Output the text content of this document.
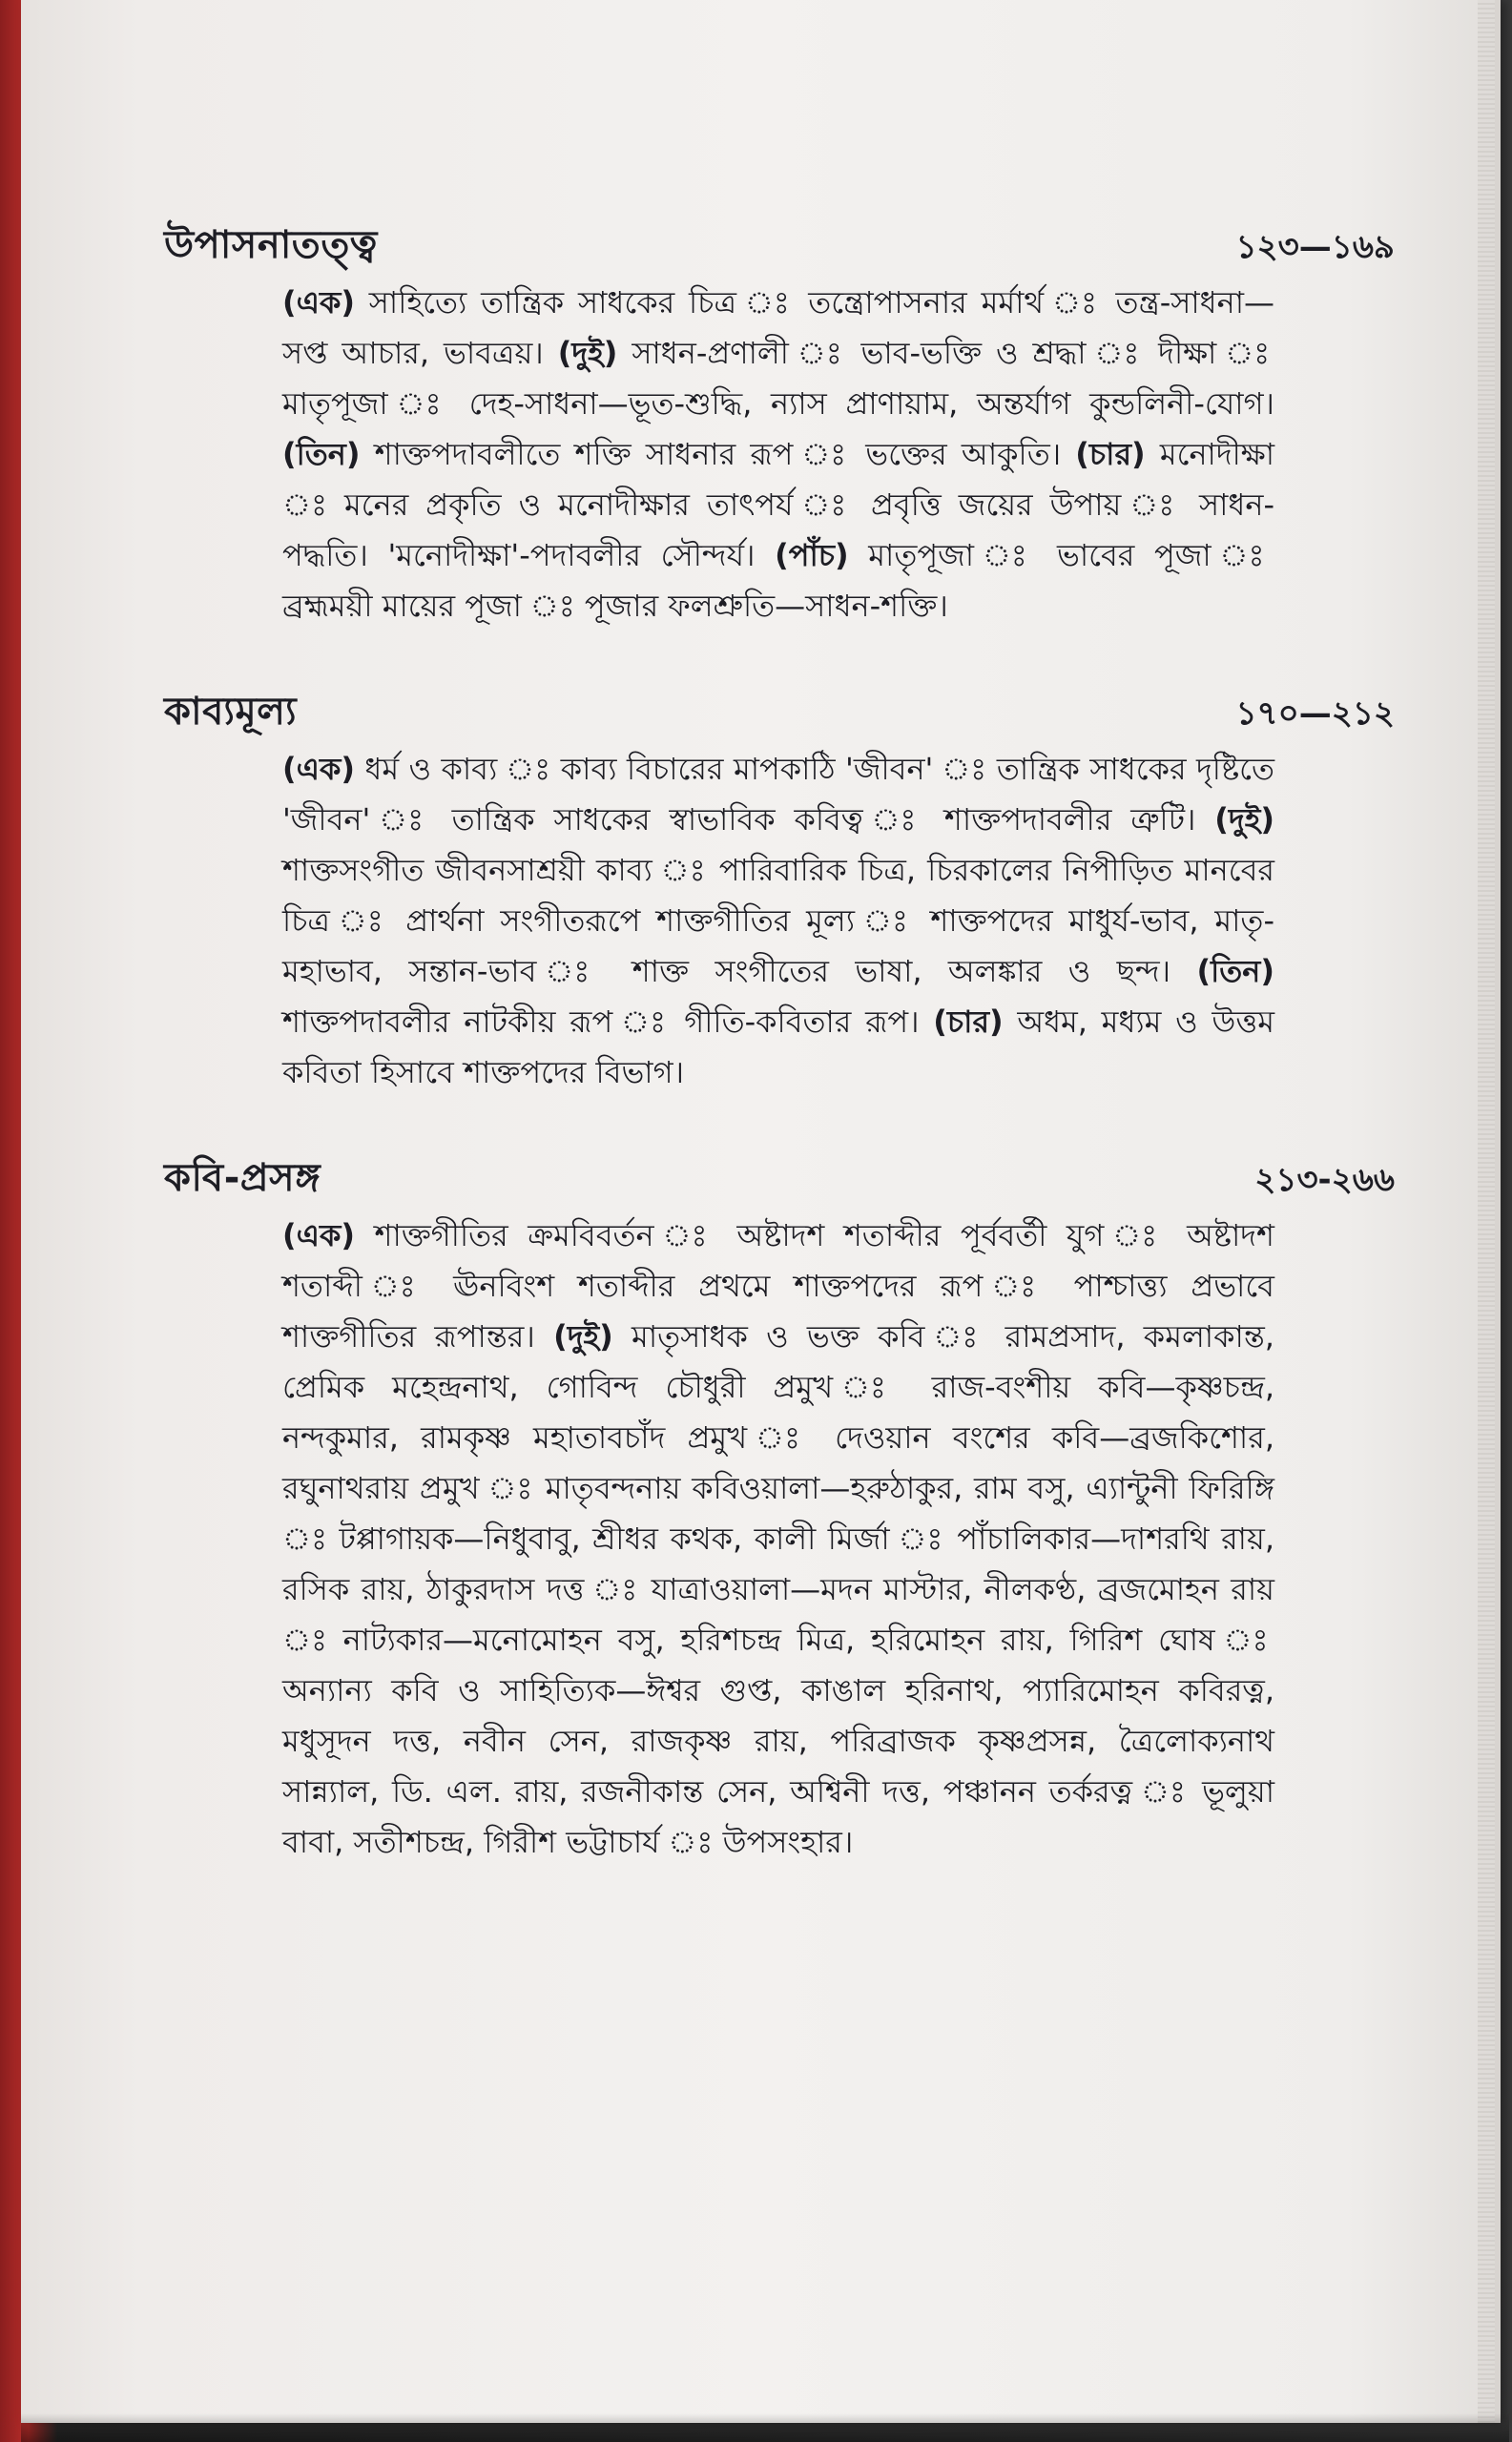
উপাসনাতত্ত্ব	১২৩—১৬৯
(এক) সাহিত্যে তান্ত্রিক সাধকের চিত্র ঃ তন্ত্রোপাসনার মর্মার্থ ঃ তন্ত্র-সাধনা—সপ্ত আচার, ভাবত্রয়। (দুই) সাধন-প্রণালী ঃ ভাব-ভক্তি ও শ্রদ্ধা ঃ দীক্ষা ঃ মাতৃপূজা ঃ দেহ-সাধনা—ভূত-শুদ্ধি, ন্যাস প্রাণায়াম, অন্তর্যাগ কুন্ডলিনী-যোগ। (তিন) শাক্তপদাবলীতে শক্তি সাধনার রূপ ঃ ভক্তের আকুতি। (চার) মনোদীক্ষা ঃ মনের প্রকৃতি ও মনোদীক্ষার তাৎপর্য ঃ প্রবৃত্তি জয়ের উপায় ঃ সাধন-পদ্ধতি। 'মনোদীক্ষা'-পদাবলীর সৌন্দর্য। (পাঁচ) মাতৃপূজা ঃ ভাবের পূজা ঃ ব্রহ্মময়ী মায়ের পূজা ঃ পূজার ফলশ্রুতি—সাধন-শক্তি।
কাব্যমূল্য	১৭০—২১২
(এক) ধর্ম ও কাব্য ঃ কাব্য বিচারের মাপকাঠি 'জীবন' ঃ তান্ত্রিক সাধকের দৃষ্টিতে 'জীবন' ঃ তান্ত্রিক সাধকের স্বাভাবিক কবিত্ব ঃ শাক্তপদাবলীর ত্রুটি। (দুই) শাক্তসংগীত জীবনসাশ্রয়ী কাব্য ঃ পারিবারিক চিত্র, চিরকালের নিপীড়িত মানবের চিত্র ঃ প্রার্থনা সংগীতরূপে শাক্তগীতির মূল্য ঃ শাক্তপদের মাধুর্য-ভাব, মাতৃ-মহাভাব, সন্তান-ভাব ঃ শাক্ত সংগীতের ভাষা, অলঙ্কার ও ছন্দ। (তিন) শাক্তপদাবলীর নাটকীয় রূপ ঃ গীতি-কবিতার রূপ। (চার) অধম, মধ্যম ও উত্তম কবিতা হিসাবে শাক্তপদের বিভাগ।
কবি-প্রসঙ্গ	২১৩-২৬৬
(এক) শাক্তগীতির ক্রমবিবর্তন ঃ অষ্টাদশ শতাব্দীর পূর্ববর্তী যুগ ঃ অষ্টাদশ শতাব্দী ঃ ঊনবিংশ শতাব্দীর প্রথমে শাক্তপদের রূপ ঃ পাশ্চাত্ত্য প্রভাবে শাক্তগীতির রূপান্তর। (দুই) মাতৃসাধক ও ভক্ত কবি ঃ রামপ্রসাদ, কমলাকান্ত, প্রেমিক মহেন্দ্রনাথ, গোবিন্দ চৌধুরী প্রমুখ ঃ রাজ-বংশীয় কবি—কৃষ্ণচন্দ্র, নন্দকুমার, রামকৃষ্ণ মহাতাবচাঁদ প্রমুখ ঃ দেওয়ান বংশের কবি—ব্রজকিশোর, রঘুনাথরায় প্রমুখ ঃ মাতৃবন্দনায় কবিওয়ালা—হরুঠাকুর, রাম বসু, এ্যান্টুনী ফিরিঙ্গি ঃ টপ্পাগায়ক—নিধুবাবু, শ্রীধর কথক, কালী মির্জা ঃ পাঁচালিকার—দাশরথি রায়, রসিক রায়, ঠাকুরদাস দত্ত ঃ যাত্রাওয়ালা—মদন মাস্টার, নীলকণ্ঠ, ব্রজমোহন রায় ঃ নাট্যকার—মনোমোহন বসু, হরিশচন্দ্র মিত্র, হরিমোহন রায়, গিরিশ ঘোষ ঃ অন্যান্য কবি ও সাহিত্যিক—ঈশ্বর গুপ্ত, কাঙাল হরিনাথ, প্যারিমোহন কবিরত্ন, মধুসূদন দত্ত, নবীন সেন, রাজকৃষ্ণ রায়, পরিব্রাজক কৃষ্ণপ্রসন্ন, ত্রৈলোক্যনাথ সান্ন্যাল, ডি. এল. রায়, রজনীকান্ত সেন, অশ্বিনী দত্ত, পঞ্চানন তর্করত্ন ঃ ভূলুয়া বাবা, সতীশচন্দ্র, গিরীশ ভট্টাচার্য ঃ উপসংহার।
